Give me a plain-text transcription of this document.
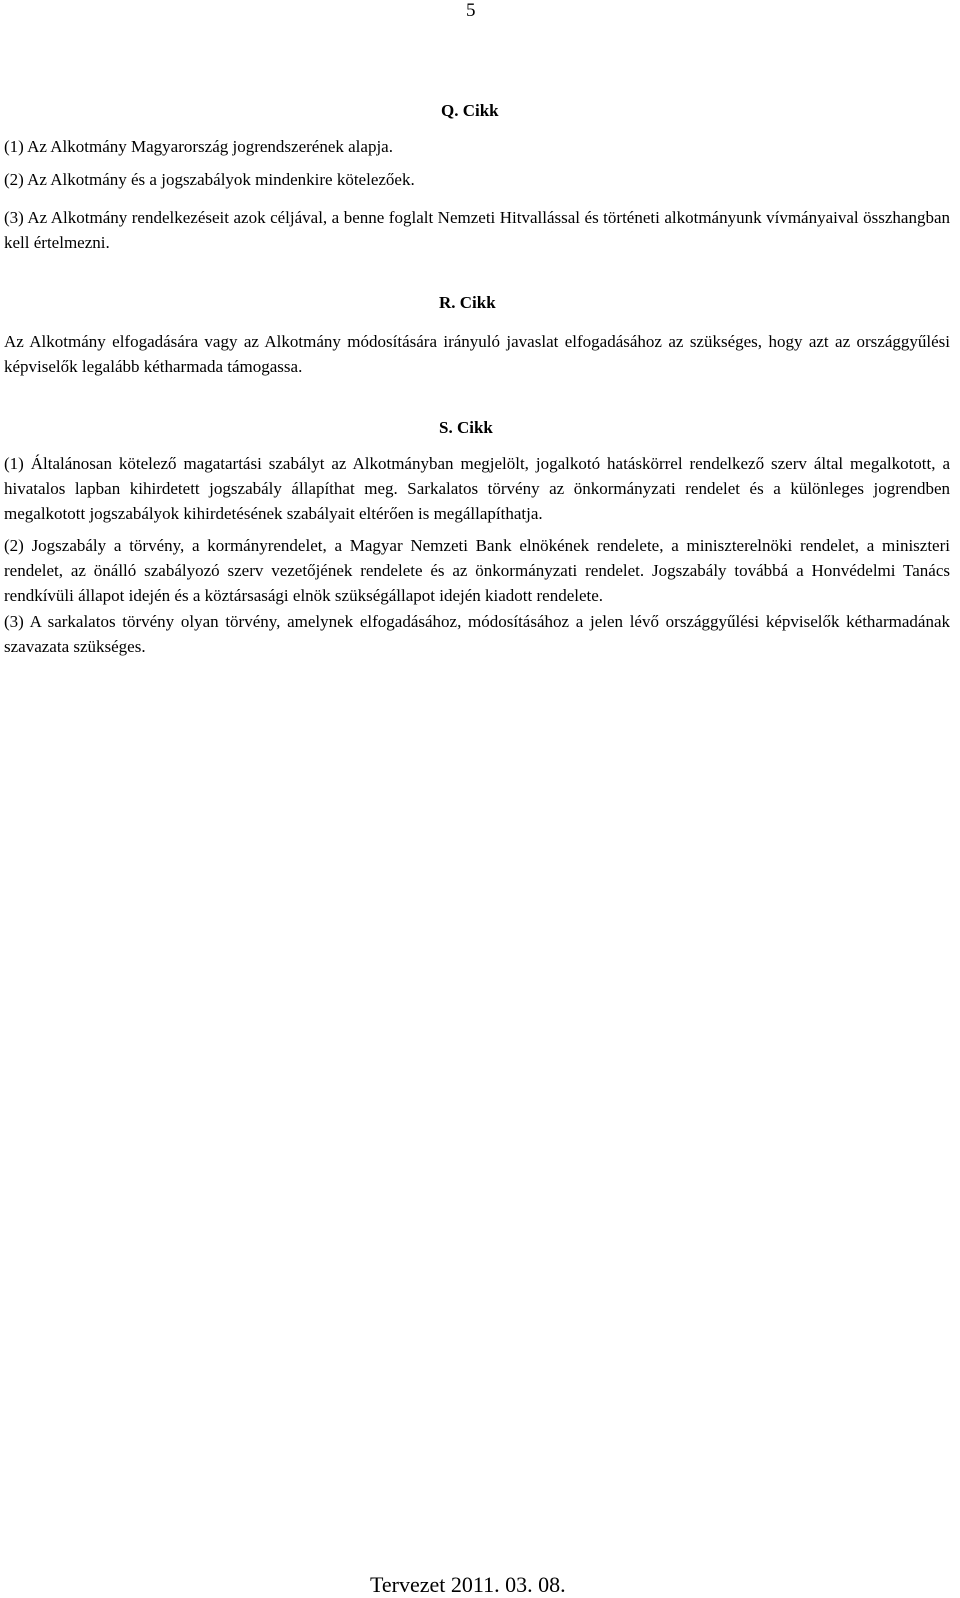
5
Q. Cikk

(1) Az Alkotmány Magyarország jogrendszerének alapja.

(2) Az Alkotmány és a jogszabályok mindenkire kötelezőek.

(3) Az Alkotmány rendelkezéseit azok céljával, a benne foglalt Nemzeti Hitvallással és történeti alkotmányunk vívmányaival összhangban kell értelmezni.

R. Cikk

Az Alkotmány elfogadására vagy az Alkotmány módosítására irányuló javaslat elfogadásához az szükséges, hogy azt az országgyűlési képviselők legalább kétharmada támogassa.

S. Cikk

(1) Általánosan kötelező magatartási szabályt az Alkotmányban megjelölt, jogalkotó hatáskörrel rendelkező szerv által megalkotott, a hivatalos lapban kihirdetett jogszabály állapíthat meg. Sarkalatos törvény az önkormányzati rendelet és a különleges jogrendben megalkotott jogszabályok kihirdetésének szabályait eltérően is megállapíthatja.

(2) Jogszabály a törvény, a kormányrendelet, a Magyar Nemzeti Bank elnökének rendelete, a miniszterelnöki rendelet, a miniszteri rendelet, az önálló szabályozó szerv vezetőjének rendelete és az önkormányzati rendelet. Jogszabály továbbá a Honvédelmi Tanács rendkívüli állapot idején és a köztársasági elnök szükségállapot idején kiadott rendelete.

(3) A sarkalatos törvény olyan törvény, amelynek elfogadásához, módosításához a jelen lévő országgyűlési képviselők kétharmadának szavazata szükséges.

Tervezet 2011. 03. 08.
